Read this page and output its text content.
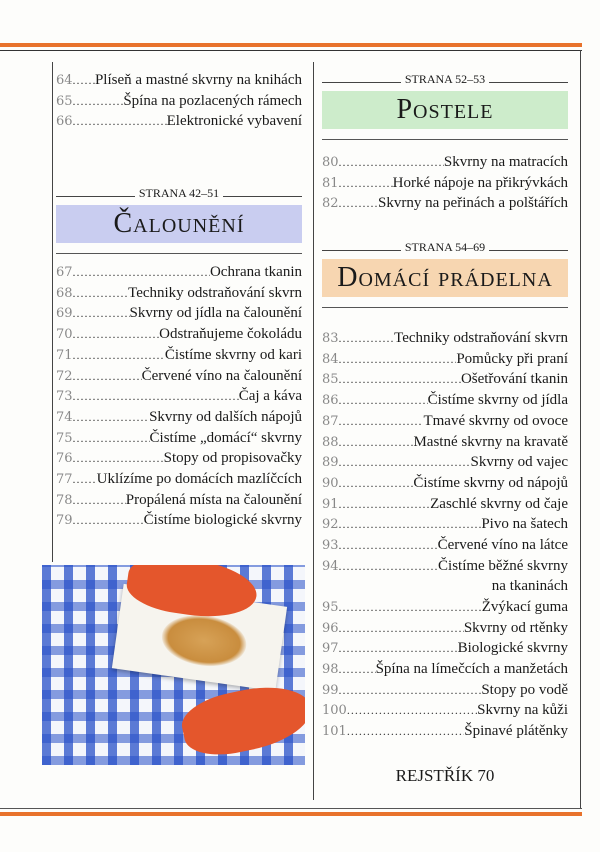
64 ..... Plíseň a mastné skvrny na knihách
65 .....	Špína na pozlacených rámech
66 .....	Elektronické vybavení
STRANA 42–51
Čalounění
67 .....	Ochrana tkanin
68 .....	Techniky odstraňování skvrn
69 .....	Skvrny od jídla na čalounění
70 .....	Odstraňujeme čokoládu
71 .....	Čistíme skvrny od kari
72 .....	Červené víno na čalounění
73 .....	Čaj a káva
74 .....	Skvrny od dalších nápojů
75 .....	Čistíme „domácí“ skvrny
76 .....	Stopy od propisovačky
77 ..... Uklízíme po domácích mazlíčcích
78 .....	Propálená místa na čalounění
79 .....	Čistíme biologické skvrny
STRANA 52–53
Postele
80 .....	Skvrny na matracích
81 .....	Horké nápoje na přikrývkách
82 .....	Skvrny na peřinách a polštářích
STRANA 54–69
Domácí prádelna
83 .....	Techniky odstraňování skvrn
84 .....	Pomůcky při praní
85 .....	Ošetřování tkanin
86 .....	Čistíme skvrny od jídla
87 .....	Tmavé skvrny od ovoce
88 .....	Mastné skvrny na kravatě
89 .....	Skvrny od vajec
90 .....	Čistíme skvrny od nápojů
91 .....	Zaschlé skvrny od čaje
92 .....	Pivo na šatech
93 .....	Červené víno na látce
94 .....	Čistíme běžné skvrny
na tkaninách
95 .....	Žvýkací guma
96 .....	Skvrny od rtěnky
97 .....	Biologické skvrny
98 ..... Špína na límečcích a manžetách
99 .....	Stopy po vodě
100 .....	Skvrny na kůži
101 .....	Špinavé plátěnky
REJSTŘÍK 70
